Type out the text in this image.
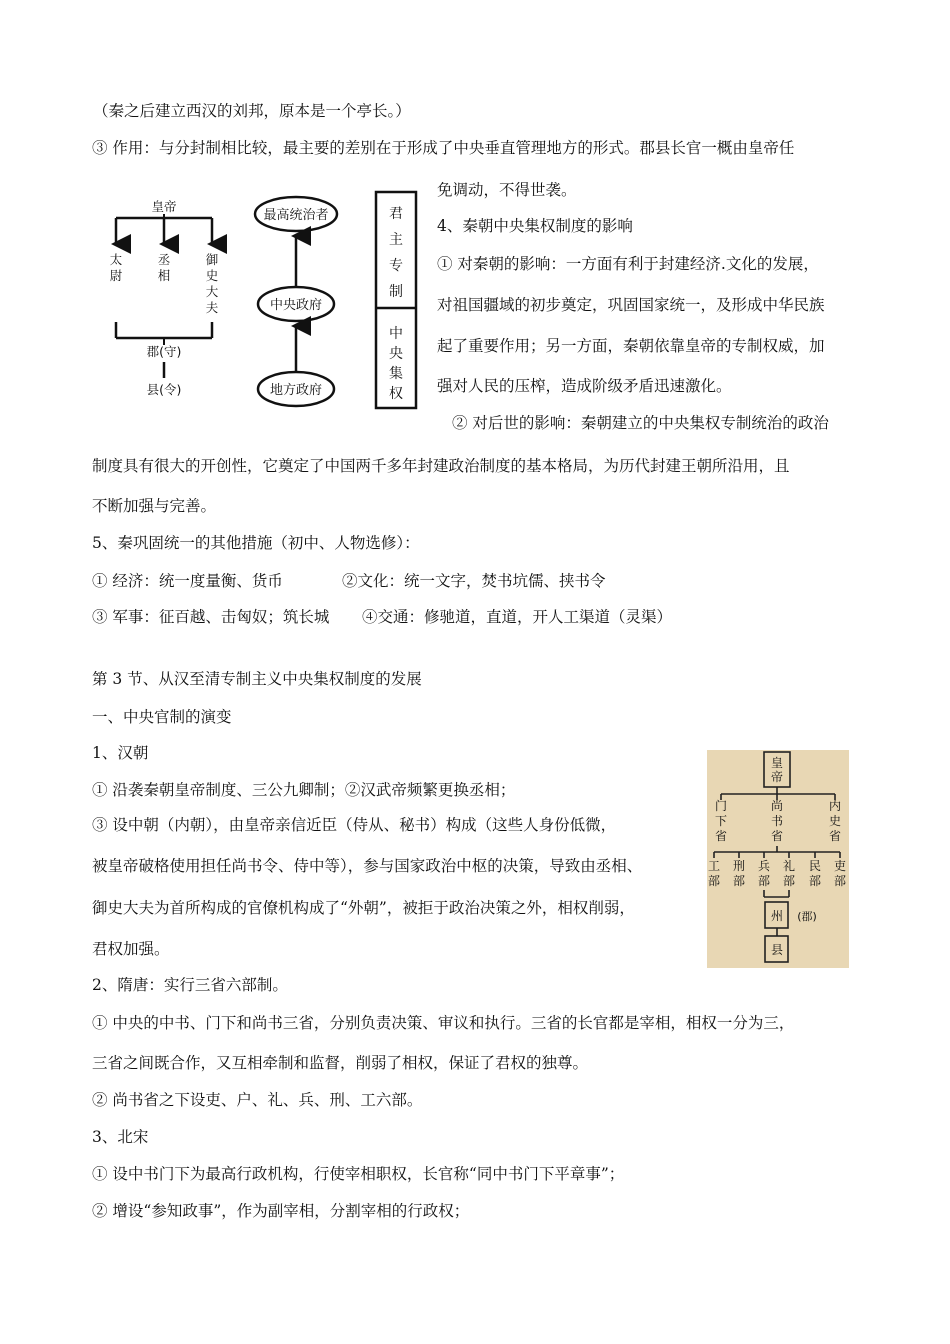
（秦之后建立西汉的刘邦，原本是一个亭长。）
③ 作用：与分封制相比较，最主要的差别在于形成了中央垂直管理地方的形式。郡县长官一概由皇帝任
免调动，不得世袭。
4、秦朝中央集权制度的影响
① 对秦朝的影响：一方面有利于封建经济.文化的发展，
对祖国疆域的初步奠定，巩固国家统一，及形成中华民族
起了重要作用；另一方面，秦朝依靠皇帝的专制权威，加
强对人民的压榨，造成阶级矛盾迅速激化。
② 对后世的影响：秦朝建立的中央集权专制统治的政治
制度具有很大的开创性，它奠定了中国两千多年封建政治制度的基本格局，为历代封建王朝所沿用，且
不断加强与完善。
5、秦巩固统一的其他措施（初中、人物选修）：
① 经济：统一度量衡、货币	②文化：统一文字，焚书坑儒、挟书令
③ 军事：征百越、击匈奴；筑长城 ④交通：修驰道，直道，开人工渠道（灵渠）
第 3 节、从汉至清专制主义中央集权制度的发展
一、中央官制的演变
1、汉朝
① 沿袭秦朝皇帝制度、三公九卿制；②汉武帝频繁更换丞相；
③ 设中朝（内朝），由皇帝亲信近臣（侍从、秘书）构成（这些人身份低微，
被皇帝破格使用担任尚书令、侍中等），参与国家政治中枢的决策，导致由丞相、
御史大夫为首所构成的官僚机构成了“外朝”，被拒于政治决策之外，相权削弱，
君权加强。
2、隋唐：实行三省六部制。
① 中央的中书、门下和尚书三省，分别负责决策、审议和执行。三省的长官都是宰相，相权一分为三，
三省之间既合作，又互相牵制和监督，削弱了相权，保证了君权的独尊。
② 尚书省之下设吏、户、礼、兵、刑、工六部。
3、北宋
① 设中书门下为最高行政机构，行使宰相职权，长官称“同中书门下平章事”；
② 增设“参知政事”，作为副宰相，分割宰相的行政权；
皇帝
太
尉
丞
相
御
史
大
夫
郡(守)
县(令)
最高统治者
中央政府
地方政府
君
主
专
制
中
央
集
权
皇
帝
门
下
省
尚
书
省
内
史
省
工
部
刑
部
兵
部
礼
部
民
部
吏
部
州 (郡)
县
